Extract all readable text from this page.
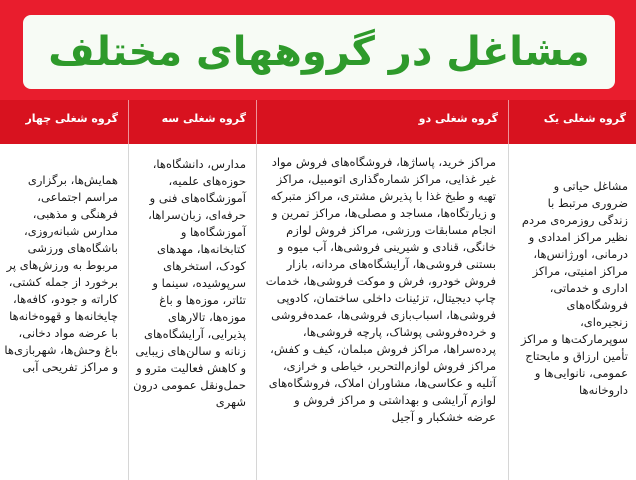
مشاغل در گروههای مختلف
گروه شغلی یک
گروه شغلی دو
گروه شغلی سه
گروه شغلی چهار
مشاغل حیاتی و ضروری مرتبط با زندگی روزمره‌ی مردم نظیر مراکز امدادی و درمانی، اورژانس‌ها، مراکز امنیتی، مراکز اداری و خدماتی، فروشگاه‌های زنجیره‌ای، سوپرمارکت‌ها و مراکز تأمین ارزاق و مایحتاج عمومی، نانوایی‌ها و داروخانه‌ها
مراکز خرید، پاساژها، فروشگاه‌های فروش مواد غیر غذایی، مراکز شماره‌گذاری اتومبیل، مراکز تهیه و طبخ غذا با پذیرش مشتری، مراکز متبرکه و زیارتگاه‌ها، مساجد و مصلی‌ها، مراکز تمرین و انجام مسابقات ورزشی، مراکز فروش لوازم خانگی، قنادی و شیرینی فروشی‌ها، آب میوه و بستنی فروشی‌ها، آرایشگاه‌های مردانه، بازار فروش خودرو، فرش و موکت فروشی‌ها، خدمات چاپ دیجیتال، تزئینات داخلی ساختمان، کادوپی فروشی‌ها، اسباب‌بازی فروشی‌ها، عمده‌فروشی و خرده‌فروشی پوشاک، پارچه فروشی‌ها، پرده‌سراها، مراکز فروش مبلمان، کیف و کفش، مراکز فروش لوازم‌التحریر، خیاطی و خرازی، آتلیه و عکاسی‌ها، مشاوران املاک، فروشگاه‌های لوازم آرایشی و بهداشتی و مراکز فروش و عرضه خشکبار و آجیل
مدارس، دانشگاه‌ها، حوزه‌های علمیه، آموزشگاه‌های فنی و حرفه‌ای، زبان‌سراها، آموزشگاه‌ها و کتابخانه‌ها، مهدهای کودک، استخرهای سرپوشیده، سینما و تئاتر، موزه‌ها و باغ موزه‌ها، تالارهای پذیرایی، آرایشگاه‌های زنانه و سالن‌های زیبایی و کاهش فعالیت مترو و حمل‌ونقل عمومی درون شهری
همایش‌ها، برگزاری مراسم اجتماعی، فرهنگی و مذهبی، مدارس شبانه‌روزی، باشگاه‌های ورزشی مربوط به ورزش‌های پر برخورد از جمله کشتی، کاراته و جودو، کافه‌ها، چایخانه‌ها و قهوه‌خانه‌ها با عرضه مواد دخانی، باغ وحش‌ها، شهربازی‌ها و مراکز تفریحی آبی
